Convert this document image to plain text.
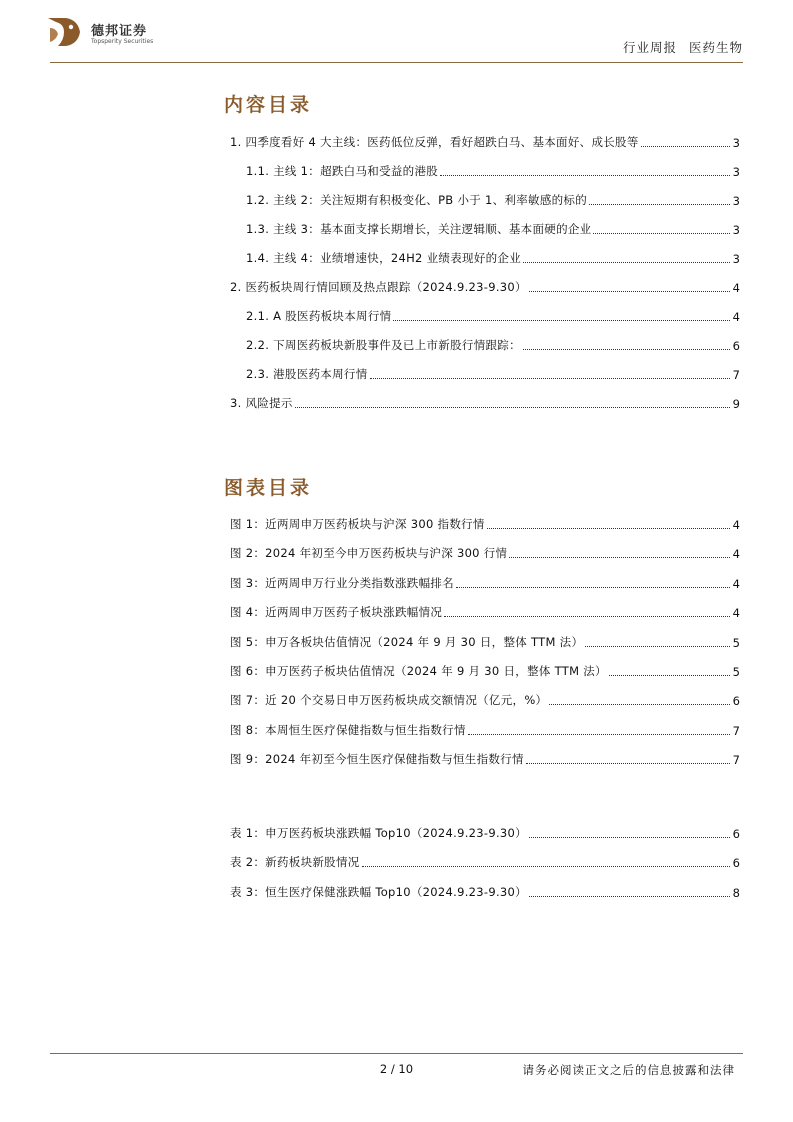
德邦证券
Topsperity Securities	行业周报 医药生物
内容目录
1. 四季度看好 4 大主线：医药低位反弹，看好超跌白马、基本面好、成长股等	3
1.1. 主线 1：超跌白马和受益的港股	3
1.2. 主线 2：关注短期有积极变化、PB 小于 1、利率敏感的标的	3
1.3. 主线 3：基本面支撑长期增长，关注逻辑顺、基本面硬的企业	3
1.4. 主线 4：业绩增速快，24H2 业绩表现好的企业	3
2. 医药板块周行情回顾及热点跟踪（2024.9.23-9.30）	4
2.1. A 股医药板块本周行情	4
2.2. 下周医药板块新股事件及已上市新股行情跟踪：	6
2.3. 港股医药本周行情	7
3. 风险提示	9
图表目录
图 1：近两周申万医药板块与沪深 300 指数行情	4
图 2：2024 年初至今申万医药板块与沪深 300 行情	4
图 3：近两周申万行业分类指数涨跌幅排名	4
图 4：近两周申万医药子板块涨跌幅情况	4
图 5：申万各板块估值情况（2024 年 9 月 30 日，整体 TTM 法）	5
图 6：申万医药子板块估值情况（2024 年 9 月 30 日，整体 TTM 法）	5
图 7：近 20 个交易日申万医药板块成交额情况（亿元，%）	6
图 8：本周恒生医疗保健指数与恒生指数行情	7
图 9：2024 年初至今恒生医疗保健指数与恒生指数行情	7
表 1：申万医药板块涨跌幅 Top10（2024.9.23-9.30）	6
表 2：新药板块新股情况	6
表 3：恒生医疗保健涨跌幅 Top10（2024.9.23-9.30）	8
2 / 10	请务必阅读正文之后的信息披露和法律
